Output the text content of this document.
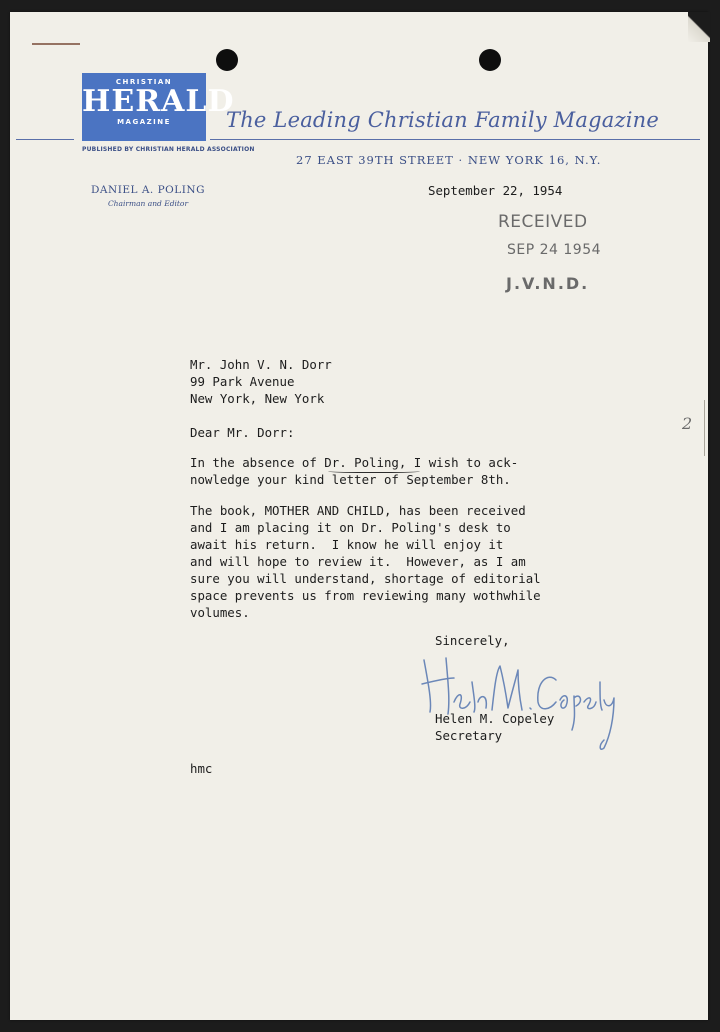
CHRISTIAN
HERALD
MAGAZINE
PUBLISHED BY CHRISTIAN HERALD ASSOCIATION
The Leading Christian Family Magazine
27 EAST 39TH STREET · NEW YORK 16, N.Y.
DANIEL A. POLING
Chairman and Editor
September 22, 1954
RECEIVED
SEP 24 1954
J.V.N.D.
Mr. John V. N. Dorr
99 Park Avenue
New York, New York
Dear Mr. Dorr:
In the absence of Dr. Poling, I wish to ack-
nowledge your kind letter of September 8th.
The book, MOTHER AND CHILD, has been received
and I am placing it on Dr. Poling's desk to
await his return.  I know he will enjoy it
and will hope to review it.  However, as I am
sure you will understand, shortage of editorial
space prevents us from reviewing many wothwhile
volumes.
Sincerely,
Helen M. Copeley
Secretary
hmc
2
